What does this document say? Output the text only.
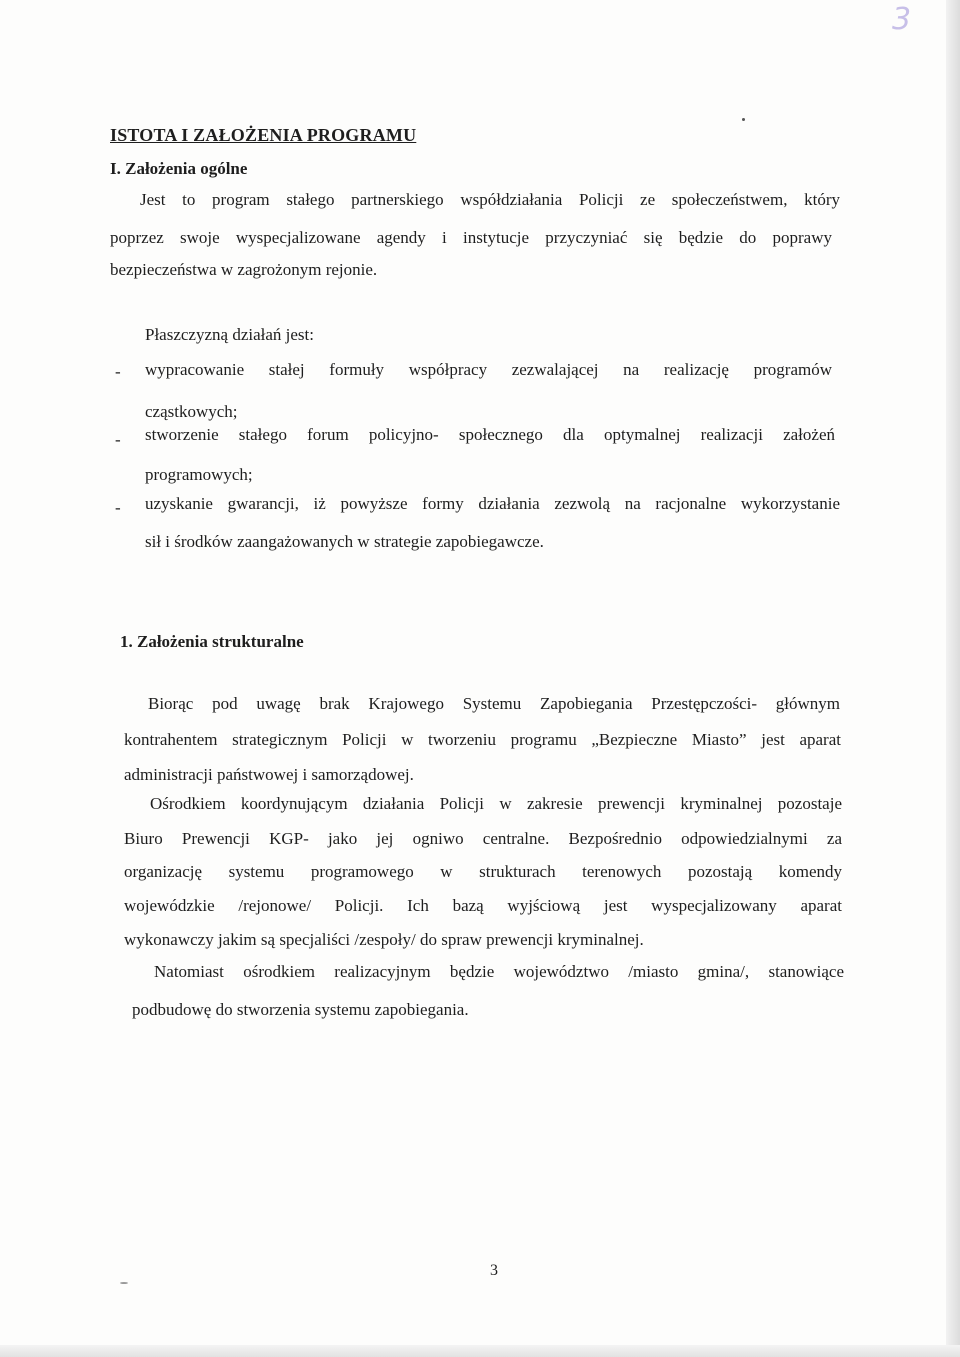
3
ISTOTA I ZAŁOŻENIA PROGRAMU
I. Założenia ogólne
Jest to program stałego partnerskiego współdziałania Policji ze społeczeństwem, który
poprzez swoje wyspecjalizowane agendy i instytucje przyczyniać się będzie do poprawy
bezpieczeństwa w zagrożonym rejonie.
Płaszczyzną działań jest:
- wypracowanie stałej formuły współpracy zezwalającej na realizację programów
cząstkowych;
- stworzenie stałego forum policyjno- społecznego dla optymalnej realizacji założeń
programowych;
- uzyskanie gwarancji, iż powyższe formy działania zezwolą na racjonalne wykorzystanie
sił i środków zaangażowanych w strategie zapobiegawcze.
1. Założenia strukturalne
Biorąc pod uwagę brak Krajowego Systemu Zapobiegania Przestępczości- głównym
kontrahentem strategicznym Policji w tworzeniu programu „Bezpieczne Miasto” jest aparat
administracji państwowej i samorządowej.
Ośrodkiem koordynującym działania Policji w zakresie prewencji kryminalnej pozostaje
Biuro Prewencji KGP- jako jej ogniwo centralne. Bezpośrednio odpowiedzialnymi za
organizację systemu programowego w strukturach terenowych pozostają komendy
wojewódzkie /rejonowe/ Policji. Ich bazą wyjściową jest wyspecjalizowany aparat
wykonawczy jakim są specjaliści /zespoły/ do spraw prewencji kryminalnej.
Natomiast ośrodkiem realizacyjnym będzie województwo /miasto gmina/, stanowiące
podbudowę do stworzenia systemu zapobiegania.
3
